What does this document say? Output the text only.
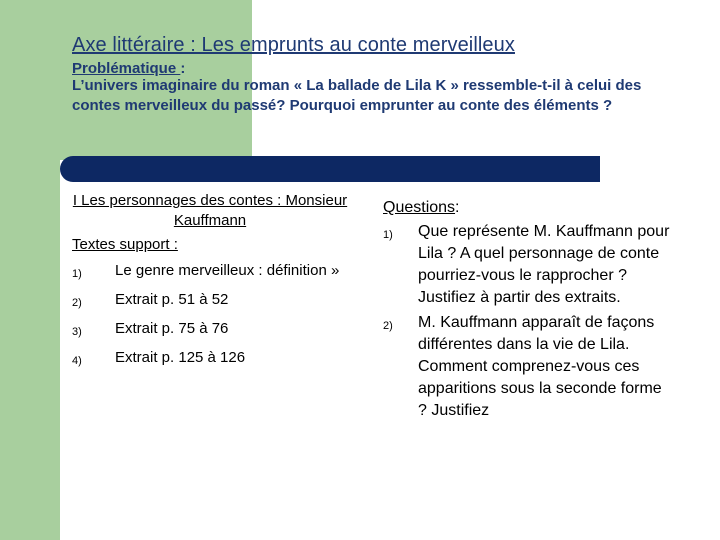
Axe littéraire : Les emprunts au conte merveilleux
Problématique :
L’univers imaginaire du roman « La ballade de Lila K » ressemble-t-il à celui des contes merveilleux du passé? Pourquoi emprunter au conte des éléments ?
I Les personnages des contes : Monsieur Kauffmann
Textes support :
1)	Le genre merveilleux : définition »
2)	Extrait p. 51 à 52
3)	Extrait p. 75 à 76
4)	Extrait p. 125 à 126
Questions:
1)	Que représente M. Kauffmann pour Lila ? A quel personnage de conte pourriez-vous le rapprocher ? Justifiez à partir des extraits.
2)	M. Kauffmann apparaît de façons différentes dans la vie de Lila. Comment comprenez-vous ces apparitions sous la seconde forme ? Justifiez
